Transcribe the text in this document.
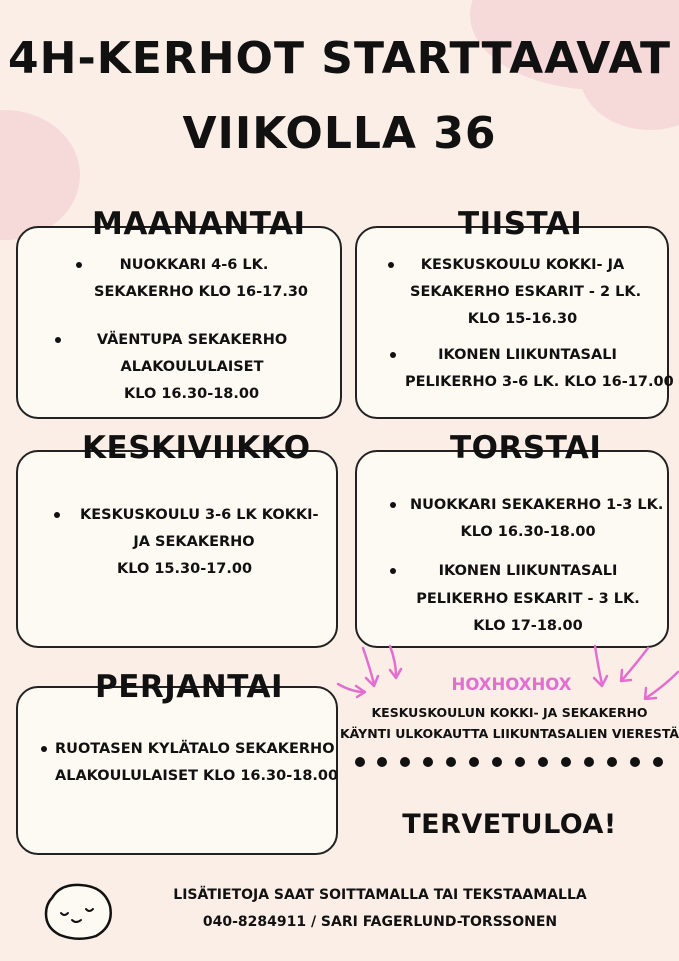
4H-KERHOT STARTTAAVAT
VIIKOLLA 36
MAANANTAI	TIISTAI
KESKIVIIKKO	TORSTAI
PERJANTAI
NUOKKARI 4-6 LK.
SEKAKERHO KLO 16-17.30
VÄENTUPA SEKAKERHO
ALAKOULULAISET
KLO 16.30-18.00
KESKUSKOULU KOKKI- JA
SEKAKERHO ESKARIT - 2 LK.
KLO 15-16.30
IKONEN LIIKUNTASALI
PELIKERHO 3-6 LK. KLO 16-17.00
KESKUSKOULU 3-6 LK KOKKI-
JA SEKAKERHO
KLO 15.30-17.00
NUOKKARI SEKAKERHO 1-3 LK.
KLO 16.30-18.00
IKONEN LIIKUNTASALI
PELIKERHO ESKARIT - 3 LK.
KLO 17-18.00
RUOTASEN KYLÄTALO SEKAKERHO
ALAKOULULAISET KLO 16.30-18.00
HOXHOXHOX
KESKUSKOULUN KOKKI- JA SEKAKERHO
KÄYNTI ULKOKAUTTA LIIKUNTASALIEN VIERESTÄ
TERVETULOA!
LISÄTIETOJA SAAT SOITTAMALLA TAI TEKSTAAMALLA
040-8284911 / SARI FAGERLUND-TORSSONEN
